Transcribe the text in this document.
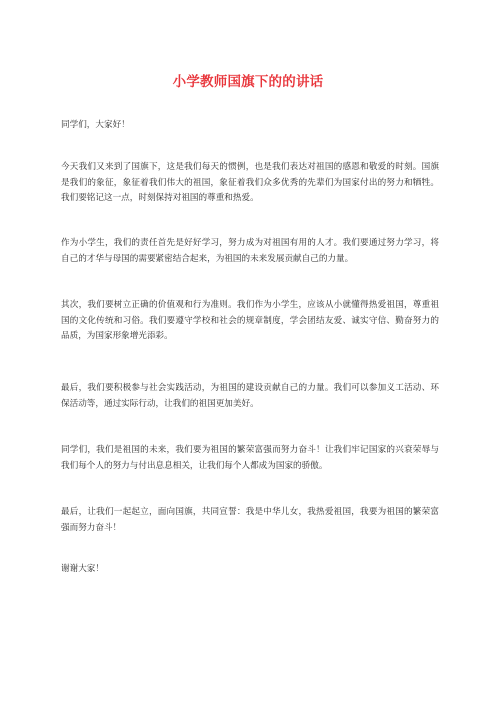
小学教师国旗下的的讲话

同学们，大家好！

今天我们又来到了国旗下，这是我们每天的惯例，也是我们表达对祖国的感恩和敬爱的时刻。国旗是我们的象征，象征着我们伟大的祖国，象征着我们众多优秀的先辈们为国家付出的努力和牺牲。我们要铭记这一点，时刻保持对祖国的尊重和热爱。

作为小学生，我们的责任首先是好好学习，努力成为对祖国有用的人才。我们要通过努力学习，将自己的才华与母国的需要紧密结合起来，为祖国的未来发展贡献自己的力量。

其次，我们要树立正确的价值观和行为准则。我们作为小学生，应该从小就懂得热爱祖国，尊重祖国的文化传统和习俗。我们要遵守学校和社会的规章制度，学会团结友爱、诚实守信、勤奋努力的品质，为国家形象增光添彩。

最后，我们要积极参与社会实践活动，为祖国的建设贡献自己的力量。我们可以参加义工活动、环保活动等，通过实际行动，让我们的祖国更加美好。

同学们，我们是祖国的未来，我们要为祖国的繁荣富强而努力奋斗！让我们牢记国家的兴衰荣辱与我们每个人的努力与付出息息相关，让我们每个人都成为国家的骄傲。

最后，让我们一起起立，面向国旗，共同宣誓：我是中华儿女，我热爱祖国，我要为祖国的繁荣富强而努力奋斗！

谢谢大家！
